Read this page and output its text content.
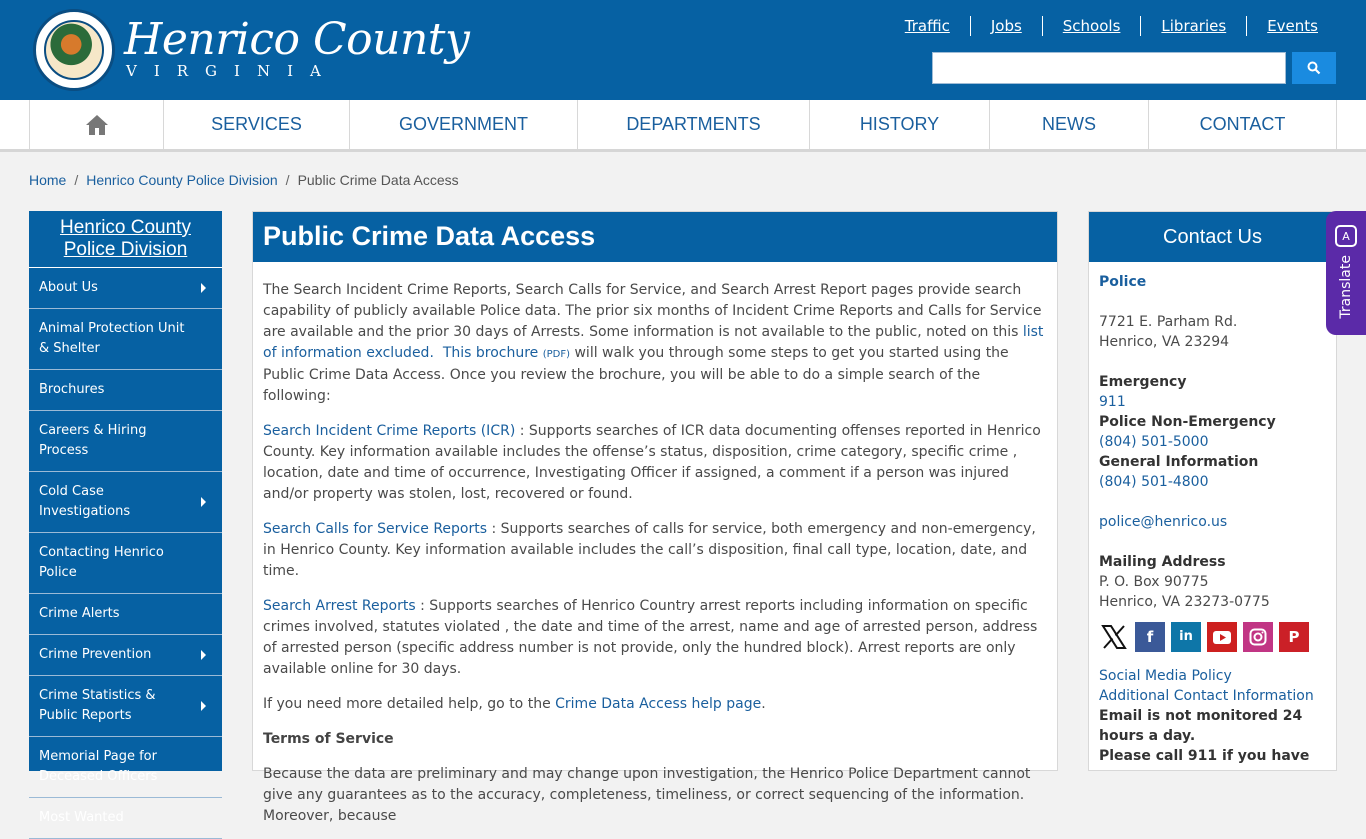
Henrico County
VIRGINIA
Traffic	Jobs	Schools	Libraries	Events
SERVICES	GOVERNMENT	DEPARTMENTS	HISTORY	NEWS	CONTACT
Home / Henrico County Police Division / Public Crime Data Access
Henrico County Police Division
About Us
Animal Protection Unit & Shelter
Brochures
Careers & Hiring Process
Cold Case Investigations
Contacting Henrico Police
Crime Alerts
Crime Prevention
Crime Statistics & Public Reports
Memorial Page for Deceased Officers
Most Wanted
Public Crime Data Access

The Search Incident Crime Reports, Search Calls for Service, and Search Arrest Report pages provide search capability of publicly available Police data. The prior six months of Incident Crime Reports and Calls for Service are available and the prior 30 days of Arrests. Some information is not available to the public, noted on this list of information excluded. This brochure (PDF) will walk you through some steps to get you started using the Public Crime Data Access. Once you review the brochure, you will be able to do a simple search of the following:

Search Incident Crime Reports (ICR) : Supports searches of ICR data documenting offenses reported in Henrico County. Key information available includes the offense’s status, disposition, crime category, specific crime , location, date and time of occurrence, Investigating Officer if assigned, a comment if a person was injured and/or property was stolen, lost, recovered or found.

Search Calls for Service Reports : Supports searches of calls for service, both emergency and non-emergency, in Henrico County. Key information available includes the call’s disposition, final call type, location, date, and time.

Search Arrest Reports : Supports searches of Henrico Country arrest reports including information on specific crimes involved, statutes violated , the date and time of the arrest, name and age of arrested person, address of arrested person (specific address number is not provide, only the hundred block). Arrest reports are only available online for 30 days.

If you need more detailed help, go to the Crime Data Access help page.

Terms of Service

Because the data are preliminary and may change upon investigation, the Henrico Police Department cannot give any guarantees as to the accuracy, completeness, timeliness, or correct sequencing of the information. Moreover, because

Contact Us
Police
7721 E. Parham Rd.
Henrico, VA 23294
Emergency
911
Police Non-Emergency
(804) 501-5000
General Information
(804) 501-4800
police@henrico.us
Mailing Address
P. O. Box 90775
Henrico, VA 23273-0775
f	in	P
Social Media Policy
Additional Contact Information
Email is not monitored 24 hours a day.
Please call 911 if you have
A
Translate
